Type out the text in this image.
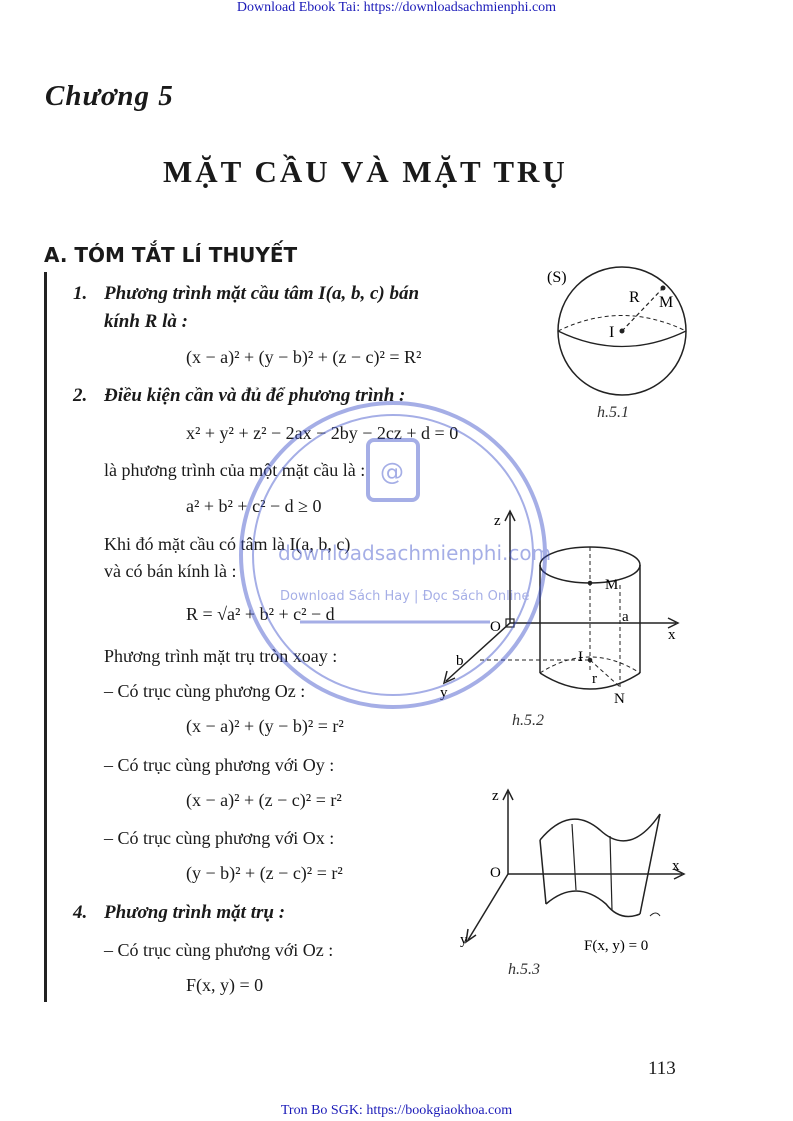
Download Ebook Tai: https://downloadsachmienphi.com
Tron Bo SGK: https://bookgiaokhoa.com
Chương 5
MẶT CẦU VÀ MẶT TRỤ
A. TÓM TẮT LÍ THUYẾT
1. Phương trình mặt cầu tâm I(a, b, c) bán
kính R là :
(x − a)² + (y − b)² + (z − c)² = R²
2. Điều kiện cần và đủ để phương trình :
x² + y² + z² − 2ax − 2by − 2cz + d = 0
là phương trình của một mặt cầu là :
a² + b² + c² − d ≥ 0
Khi đó mặt cầu có tâm là I(a, b, c)
và có bán kính là :
R = √a² + b² + c² − d
Phương trình mặt trụ tròn xoay :
– Có trục cùng phương Oz :
(x − a)² + (y − b)² = r²
– Có trục cùng phương với Oy :
(x − a)² + (z − c)² = r²
– Có trục cùng phương với Ox :
(y − b)² + (z − c)² = r²
4. Phương trình mặt trụ :
– Có trục cùng phương với Oz :
F(x, y) = 0
(S)
R M
I
h.5.1
z
x
y
O
M
a
b	I
r
N
h.5.2
z
x
y
O
F(x, y) = 0
h.5.3
@
downloadsachmienphi.com
Download Sách Hay | Đọc Sách Online
113
